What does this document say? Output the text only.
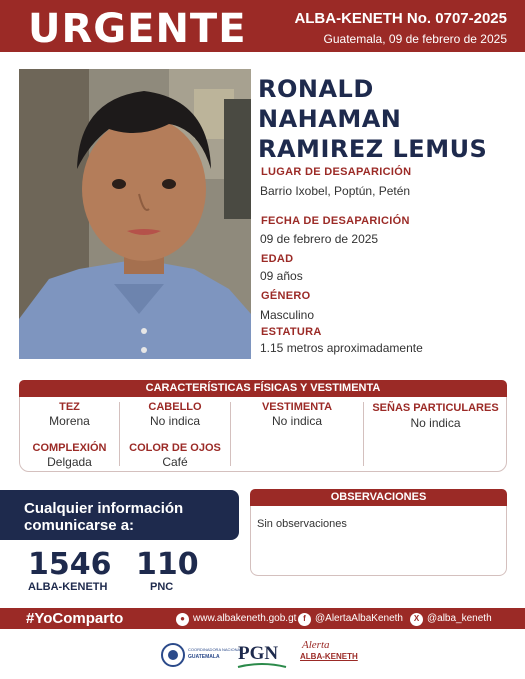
URGENTE	ALBA-KENETH No. 0707-2025
Guatemala, 09 de febrero de 2025
RONALD NAHAMAN
RAMIREZ LEMUS
LUGAR DE DESAPARICIÓN
Barrio Ixobel, Poptún, Petén
FECHA DE DESAPARICIÓN
09 de febrero de 2025
EDAD
09 años
GÉNERO
Masculino
ESTATURA
1.15 metros aproximadamente
CARACTERÍSTICAS FÍSICAS Y VESTIMENTA
TEZ
Morena
CABELLO
No indica
VESTIMENTA
No indica
SEÑAS PARTICULARES
No indica
COMPLEXIÓN
Delgada
COLOR DE OJOS
Café
Cualquier información
comunicarse a:
1546
ALBA-KENETH
110
PNC
OBSERVACIONES
Sin observaciones
#YoComparto	● www.albakeneth.gob.gt f @AlertaAlbaKeneth	X @alba_keneth
COORDINADORA NACIONAL
GUATEMALA PGN Alerta
ALBA-KENETH
